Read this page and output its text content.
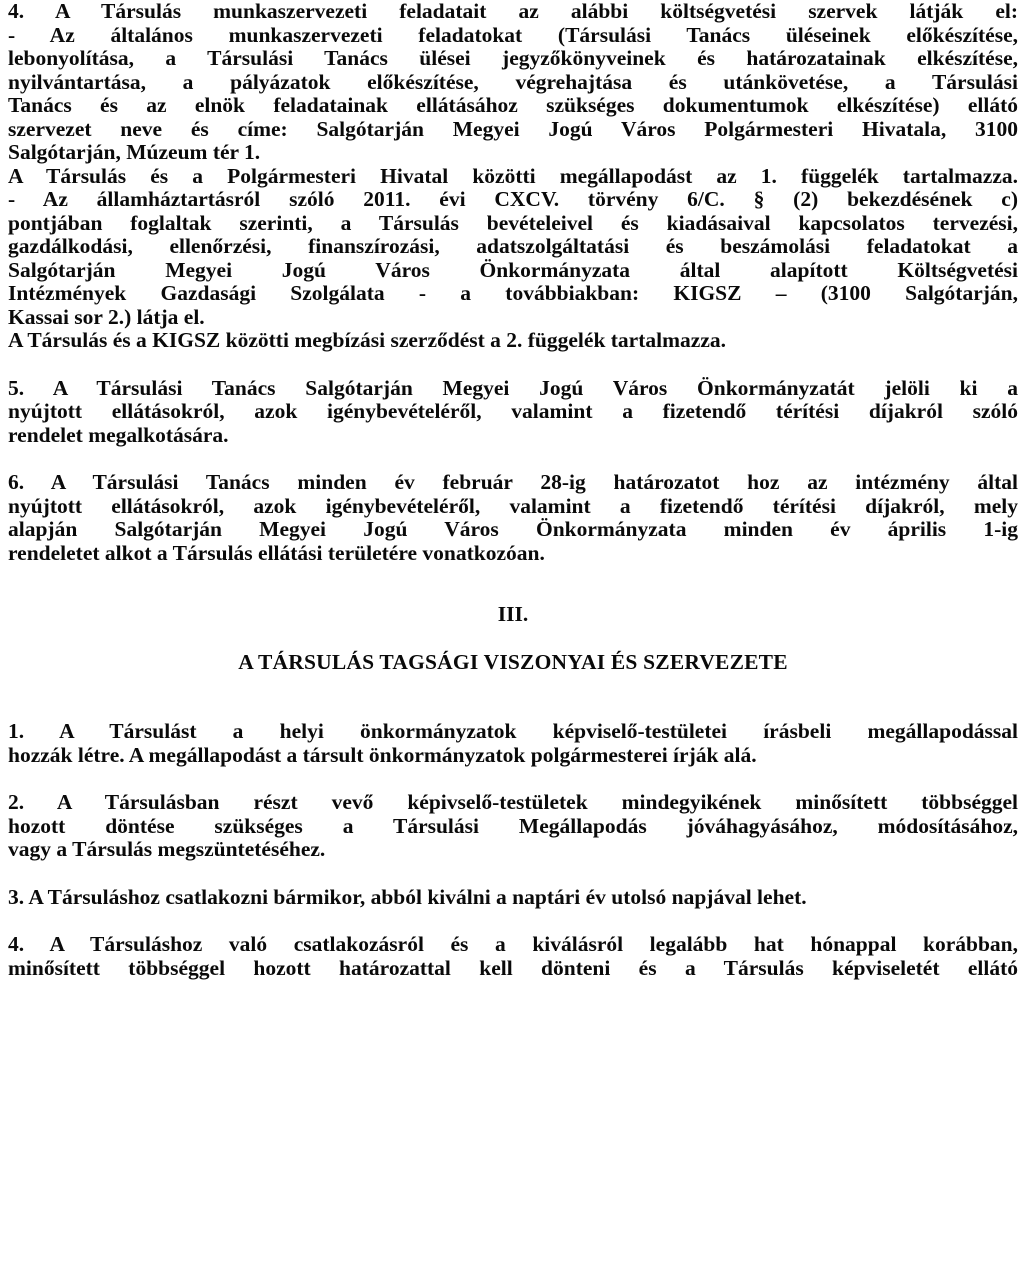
4. A Társulás munkaszervezeti feladatait az alábbi költségvetési szervek látják el:
- Az általános munkaszervezeti feladatokat (Társulási Tanács üléseinek előkészítése,
lebonyolítása, a Társulási Tanács ülései jegyzőkönyveinek és határozatainak elkészítése,
nyilvántartása, a pályázatok előkészítése, végrehajtása és utánkövetése, a Társulási
Tanács és az elnök feladatainak ellátásához szükséges dokumentumok elkészítése) ellátó
szervezet neve és címe: Salgótarján Megyei Jogú Város Polgármesteri Hivatala, 3100
Salgótarján, Múzeum tér 1.
A Társulás és a Polgármesteri Hivatal közötti megállapodást az 1. függelék tartalmazza.
- Az államháztartásról szóló 2011. évi CXCV. törvény 6/C. § (2) bekezdésének c)
pontjában foglaltak szerinti, a Társulás bevételeivel és kiadásaival kapcsolatos tervezési,
gazdálkodási, ellenőrzési, finanszírozási, adatszolgáltatási és beszámolási feladatokat a
Salgótarján Megyei Jogú Város Önkormányzata által alapított Költségvetési
Intézmények Gazdasági Szolgálata - a továbbiakban: KIGSZ – (3100 Salgótarján,
Kassai sor 2.) látja el.
A Társulás és a KIGSZ közötti megbízási szerződést a 2. függelék tartalmazza.
5. A Társulási Tanács Salgótarján Megyei Jogú Város Önkormányzatát jelöli ki a
nyújtott ellátásokról, azok igénybevételéről, valamint a fizetendő térítési díjakról szóló
rendelet megalkotására.
6. A Társulási Tanács minden év február 28-ig határozatot hoz az intézmény által
nyújtott ellátásokról, azok igénybevételéről, valamint a fizetendő térítési díjakról, mely
alapján Salgótarján Megyei Jogú Város Önkormányzata minden év április 1-ig
rendeletet alkot a Társulás ellátási területére vonatkozóan.
III.
A TÁRSULÁS TAGSÁGI VISZONYAI ÉS SZERVEZETE
1. A Társulást a helyi önkormányzatok képviselő-testületei írásbeli megállapodással
hozzák létre. A megállapodást a társult önkormányzatok polgármesterei írják alá.
2. A Társulásban részt vevő képivselő-testületek mindegyikének minősített többséggel
hozott döntése szükséges a Társulási Megállapodás jóváhagyásához, módosításához,
vagy a Társulás megszüntetéséhez.
3. A Társuláshoz csatlakozni bármikor, abból kiválni a naptári év utolsó napjával lehet.
4. A Társuláshoz való csatlakozásról és a kiválásról legalább hat hónappal korábban,
minősített többséggel hozott határozattal kell dönteni és a Társulás képviseletét ellátó
